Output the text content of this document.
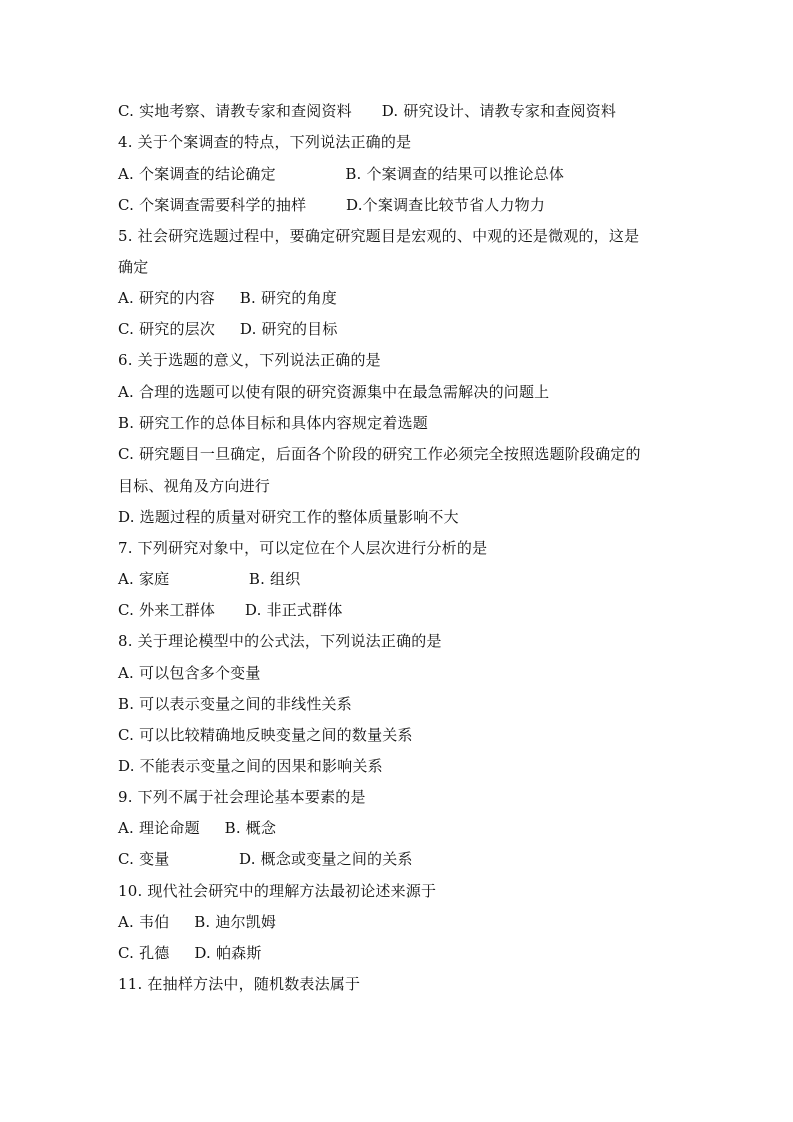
C. 实地考察、请教专家和查阅资料      D. 研究设计、请教专家和查阅资料
4. 关于个案调查的特点，下列说法正确的是
A. 个案调查的结论确定              B. 个案调查的结果可以推论总体
C. 个案调查需要科学的抽样        D.个案调查比较节省人力物力
5. 社会研究选题过程中，要确定研究题目是宏观的、中观的还是微观的，这是
确定
A. 研究的内容     B. 研究的角度
C. 研究的层次     D. 研究的目标
6. 关于选题的意义，下列说法正确的是
A. 合理的选题可以使有限的研究资源集中在最急需解决的问题上
B. 研究工作的总体目标和具体内容规定着选题
C. 研究题目一旦确定，后面各个阶段的研究工作必须完全按照选题阶段确定的
目标、视角及方向进行
D. 选题过程的质量对研究工作的整体质量影响不大
7. 下列研究对象中，可以定位在个人层次进行分析的是
A. 家庭                B. 组织
C. 外来工群体      D. 非正式群体
8. 关于理论模型中的公式法，下列说法正确的是
A. 可以包含多个变量
B. 可以表示变量之间的非线性关系
C. 可以比较精确地反映变量之间的数量关系
D. 不能表示变量之间的因果和影响关系
9. 下列不属于社会理论基本要素的是
A. 理论命题     B. 概念
C. 变量              D. 概念或变量之间的关系
10. 现代社会研究中的理解方法最初论述来源于
A. 韦伯     B. 迪尔凯姆
C. 孔德     D. 帕森斯
11. 在抽样方法中，随机数表法属于
